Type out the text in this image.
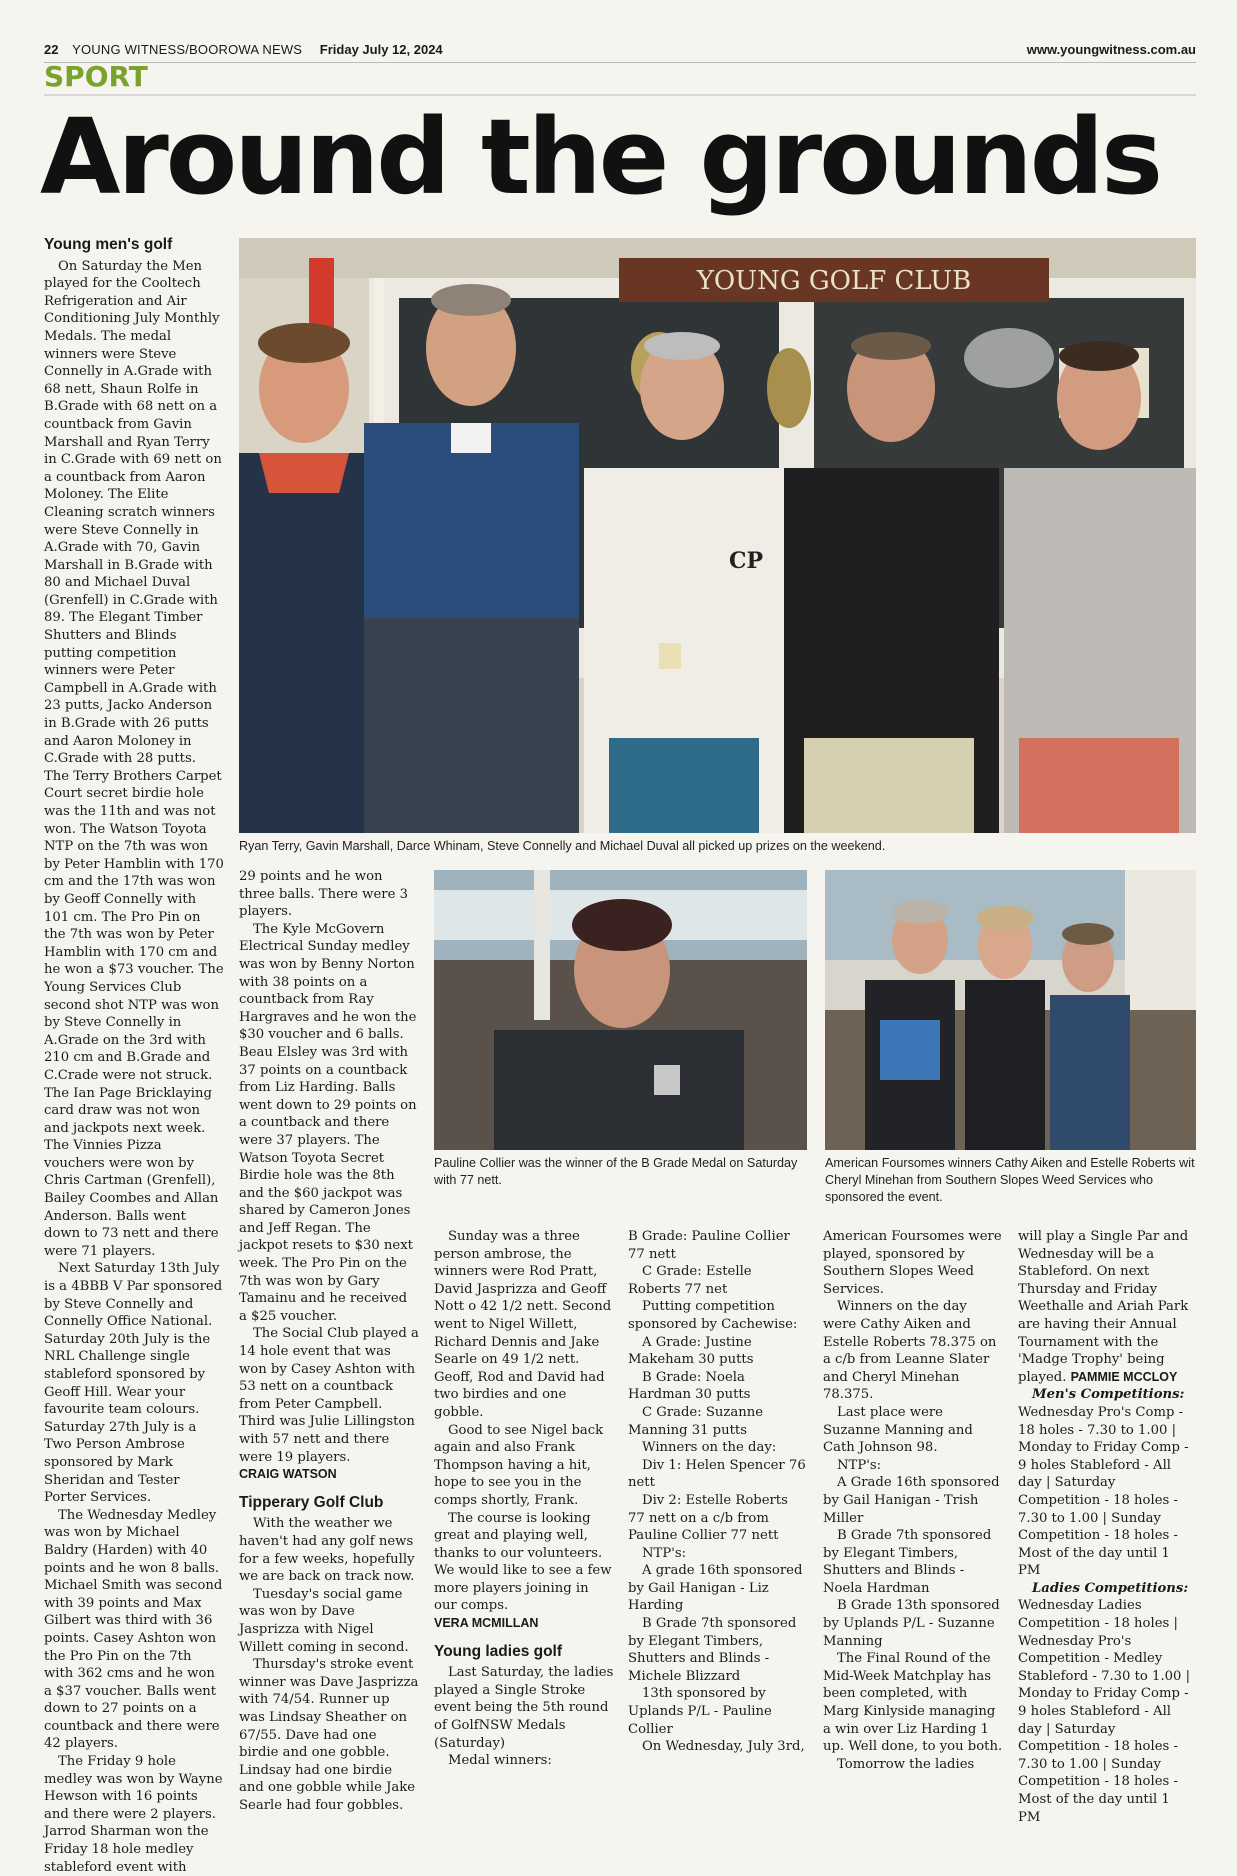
22 YOUNG WITNESS/BOOROWA NEWS Friday July 12, 2024	www.youngwitness.com.au
SPORT
Around the grounds
YOUNG GOLF CLUB
CP
Ryan Terry, Gavin Marshall, Darce Whinam, Steve Connelly and Michael Duval all picked up prizes on the weekend.
Pauline Collier was the winner of the B Grade Medal on Saturday with 77 nett.
American Foursomes winners Cathy Aiken and Estelle Roberts wit Cheryl Minehan from Southern Slopes Weed Services who sponsored the event.
Young men's golf

On Saturday the Men played for the Cooltech Refrigeration and Air Conditioning July Monthly Medals. The medal winners were Steve Connelly in A.Grade with 68 nett, Shaun Rolfe in B.Grade with 68 nett on a countback from Gavin Marshall and Ryan Terry in C.Grade with 69 nett on a countback from Aaron Moloney. The Elite Cleaning scratch winners were Steve Connelly in A.Grade with 70, Gavin Marshall in B.Grade with 80 and Michael Duval (Grenfell) in C.Grade with 89. The Elegant Timber Shutters and Blinds putting competition winners were Peter Campbell in A.Grade with 23 putts, Jacko Anderson in B.Grade with 26 putts and Aaron Moloney in C.Grade with 28 putts. The Terry Brothers Carpet Court secret birdie hole was the 11th and was not won. The Watson Toyota NTP on the 7th was won by Peter Hamblin with 170 cm and the 17th was won by Geoff Connelly with 101 cm. The Pro Pin on the 7th was won by Peter Hamblin with 170 cm and he won a $73 voucher. The Young Services Club second shot NTP was won by Steve Connelly in A.Grade on the 3rd with 210 cm and B.Grade and C.Crade were not struck. The Ian Page Bricklaying card draw was not won and jackpots next week. The Vinnies Pizza vouchers were won by Chris Cartman (Grenfell), Bailey Coombes and Allan Anderson. Balls went down to 73 nett and there were 71 players.

Next Saturday 13th July is a 4BBB V Par sponsored by Steve Connelly and Connelly Office National. Saturday 20th July is the NRL Challenge single stableford sponsored by Geoff Hill. Wear your favourite team colours. Saturday 27th July is a Two Person Ambrose sponsored by Mark Sheridan and Tester Porter Services.

The Wednesday Medley was won by Michael Baldry (Harden) with 40 points and he won 8 balls. Michael Smith was second with 39 points and Max Gilbert was third with 36 points. Casey Ashton won the Pro Pin on the 7th with 362 cms and he won a $37 voucher. Balls went down to 27 points on a countback and there were 42 players.

The Friday 9 hole medley was won by Wayne Hewson with 16 points and there were 2 players. Jarrod Sharman won the Friday 18 hole medley stableford event with

29 points and he won three balls. There were 3 players.

The Kyle McGovern Electrical Sunday medley was won by Benny Norton with 38 points on a countback from Ray Hargraves and he won the $30 voucher and 6 balls. Beau Elsley was 3rd with 37 points on a countback from Liz Harding. Balls went down to 29 points on a countback and there were 37 players. The Watson Toyota Secret Birdie hole was the 8th and the $60 jackpot was shared by Cameron Jones and Jeff Regan. The jackpot resets to $30 next week. The Pro Pin on the 7th was won by Gary Tamainu and he received a $25 voucher.

The Social Club played a 14 hole event that was won by Casey Ashton with 53 nett on a countback from Peter Campbell. Third was Julie Lillingston with 57 nett and there were 19 players.

CRAIG WATSON
Tipperary Golf Club

With the weather we haven't had any golf news for a few weeks, hopefully we are back on track now.

Tuesday's social game was won by Dave Jasprizza with Nigel Willett coming in second.

Thursday's stroke event winner was Dave Jasprizza with 74/54. Runner up was Lindsay Sheather on 67/55. Dave had one birdie and one gobble. Lindsay had one birdie and one gobble while Jake Searle had four gobbles.

Sunday was a three person ambrose, the winners were Rod Pratt, David Jasprizza and Geoff Nott o 42 1/2 nett. Second went to Nigel Willett, Richard Dennis and Jake Searle on 49 1/2 nett. Geoff, Rod and David had two birdies and one gobble.

Good to see Nigel back again and also Frank Thompson having a hit, hope to see you in the comps shortly, Frank.

The course is looking great and playing well, thanks to our volunteers. We would like to see a few more players joining in our comps.

VERA MCMILLAN
Young ladies golf

Last Saturday, the ladies played a Single Stroke event being the 5th round of GolfNSW Medals (Saturday)

Medal winners:

B Grade: Pauline Collier 77 nett

C Grade: Estelle Roberts 77 net

Putting competition sponsored by Cachewise:

A Grade: Justine Makeham 30 putts

B Grade: Noela Hardman 30 putts

C Grade: Suzanne Manning 31 putts

Winners on the day:

Div 1: Helen Spencer 76 nett

Div 2: Estelle Roberts 77 nett on a c/b from Pauline Collier 77 nett

NTP's:

A grade 16th sponsored by Gail Hanigan - Liz Harding

B Grade 7th sponsored by Elegant Timbers, Shutters and Blinds - Michele Blizzard

13th sponsored by Uplands P/L - Pauline Collier

On Wednesday, July 3rd,

American Foursomes were played, sponsored by Southern Slopes Weed Services.

Winners on the day were Cathy Aiken and Estelle Roberts 78.375 on a c/b from Leanne Slater and Cheryl Minehan 78.375.

Last place were Suzanne Manning and Cath Johnson 98.

NTP's:

A Grade 16th sponsored by Gail Hanigan - Trish Miller

B Grade 7th sponsored by Elegant Timbers, Shutters and Blinds - Noela Hardman

B Grade 13th sponsored by Uplands P/L - Suzanne Manning

The Final Round of the Mid-Week Matchplay has been completed, with Marg Kinlyside managing a win over Liz Harding 1 up. Well done, to you both.

Tomorrow the ladies

will play a Single Par and Wednesday will be a Stableford. On next Thursday and Friday Weethalle and Ariah Park are having their Annual Tournament with the 'Madge Trophy' being played. PAMMIE MCCLOY

Men's Competitions:

Wednesday Pro's Comp - 18 holes - 7.30 to 1.00 | Monday to Friday Comp - 9 holes Stableford - All day | Saturday Competition - 18 holes - 7.30 to 1.00 | Sunday Competition - 18 holes - Most of the day until 1 PM

Ladies Competitions:

Wednesday Ladies Competition - 18 holes | Wednesday Pro's Competition - Medley Stableford - 7.30 to 1.00 | Monday to Friday Comp - 9 holes Stableford - All day | Saturday Competition - 18 holes - 7.30 to 1.00 | Sunday Competition - 18 holes - Most of the day until 1 PM
